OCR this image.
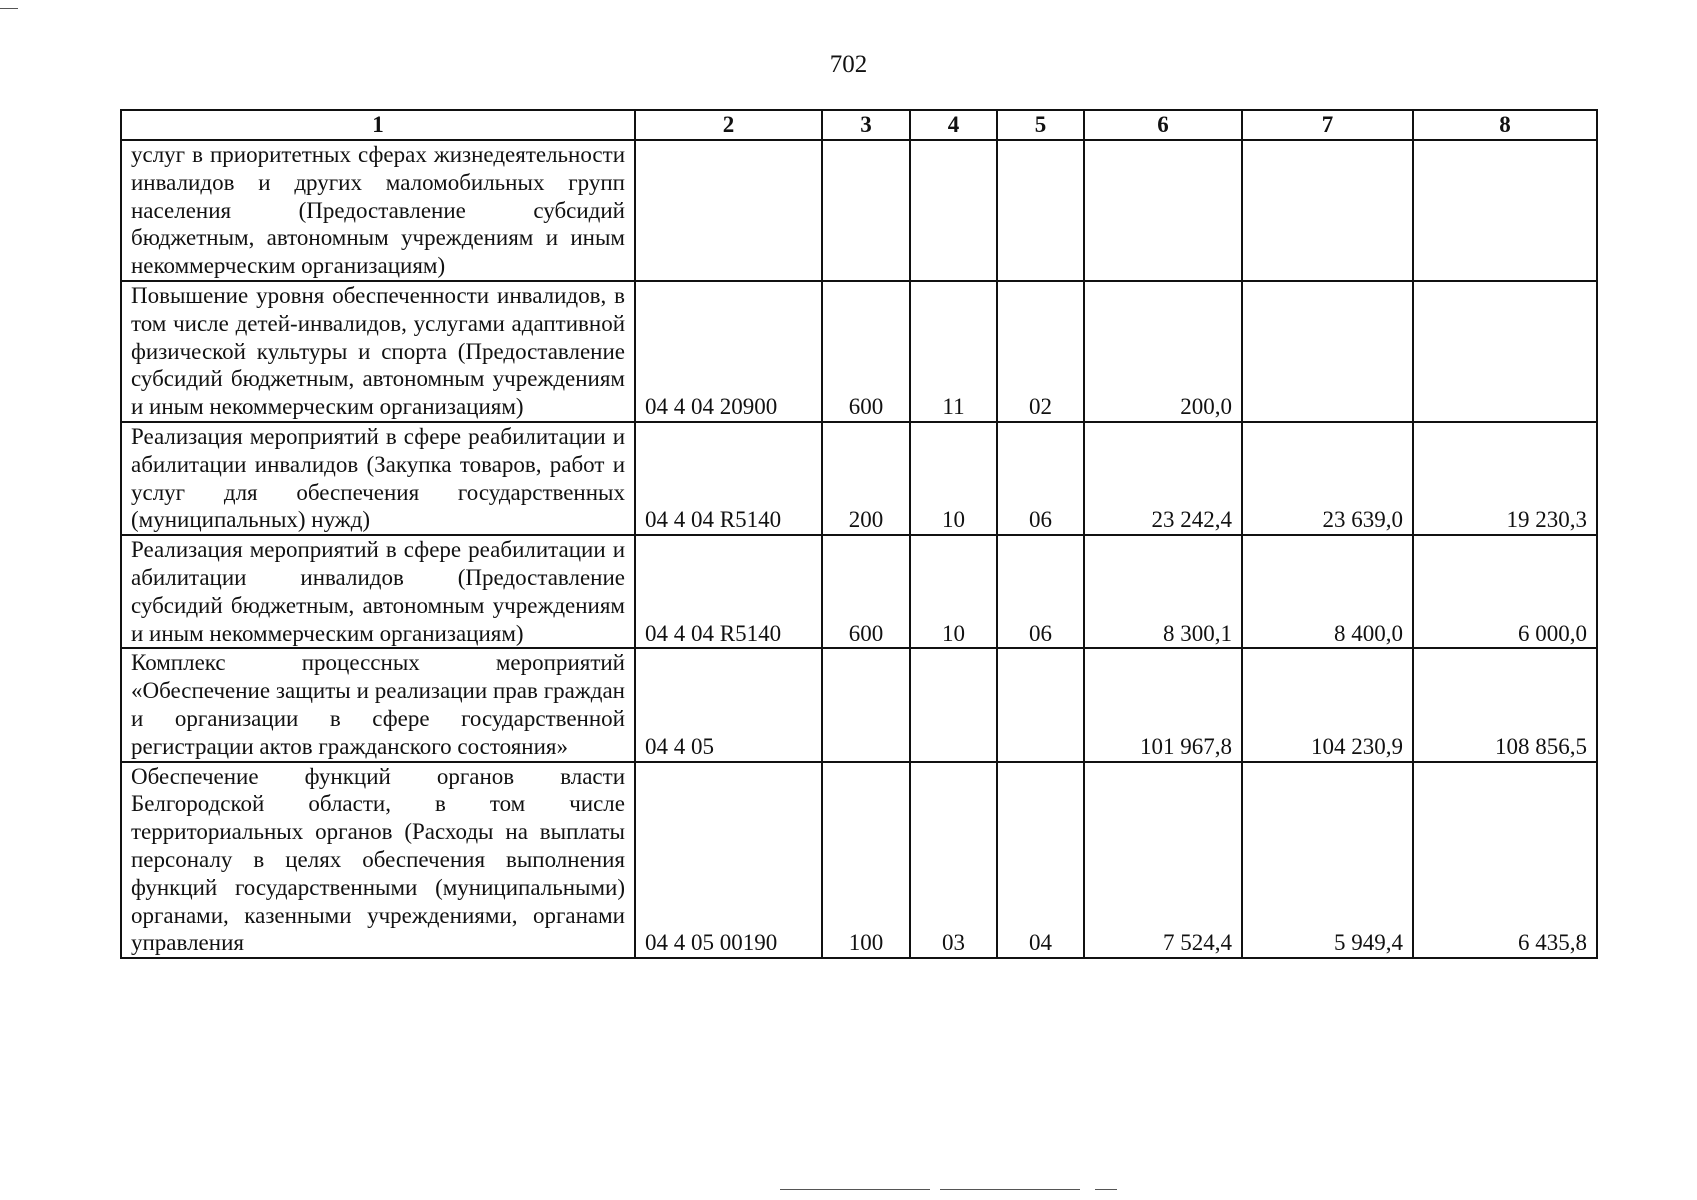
702
1	2	3	4	5	6	7	8
услуг в приоритетных сферах жизнедеятельности инвалидов и других маломобильных групп населения (Предоставление субсидий бюджетным, автономным учреждениям и иным некоммерческим организациям)							
Повышение уровня обеспеченности инвалидов, в том числе детей-инвалидов, услугами адаптивной физической культуры и спорта (Предоставление субсидий бюджетным, автономным учреждениям и иным некоммерческим организациям)	04 4 04 20900	600	11	02	200,0		
Реализация мероприятий в сфере реабилитации и абилитации инвалидов (Закупка товаров, работ и услуг для обеспечения государственных (муниципальных) нужд)	04 4 04 R5140	200	10	06	23 242,4	23 639,0	19 230,3
Реализация мероприятий в сфере реабилитации и абилитации инвалидов (Предоставление субсидий бюджетным, автономным учреждениям и иным некоммерческим организациям)	04 4 04 R5140	600	10	06	8 300,1	8 400,0	6 000,0
Комплекс процессных мероприятий «Обеспечение защиты и реализации прав граждан и организации в сфере государственной регистрации актов гражданского состояния»	04 4 05				101 967,8	104 230,9	108 856,5
Обеспечение функций органов власти Белгородской области, в том числе территориальных органов (Расходы на выплаты персоналу в целях обеспечения выполнения функций государственными (муниципальными) органами, казенными учреждениями, органами управления	04 4 05 00190	100	03	04	7 524,4	5 949,4	6 435,8
